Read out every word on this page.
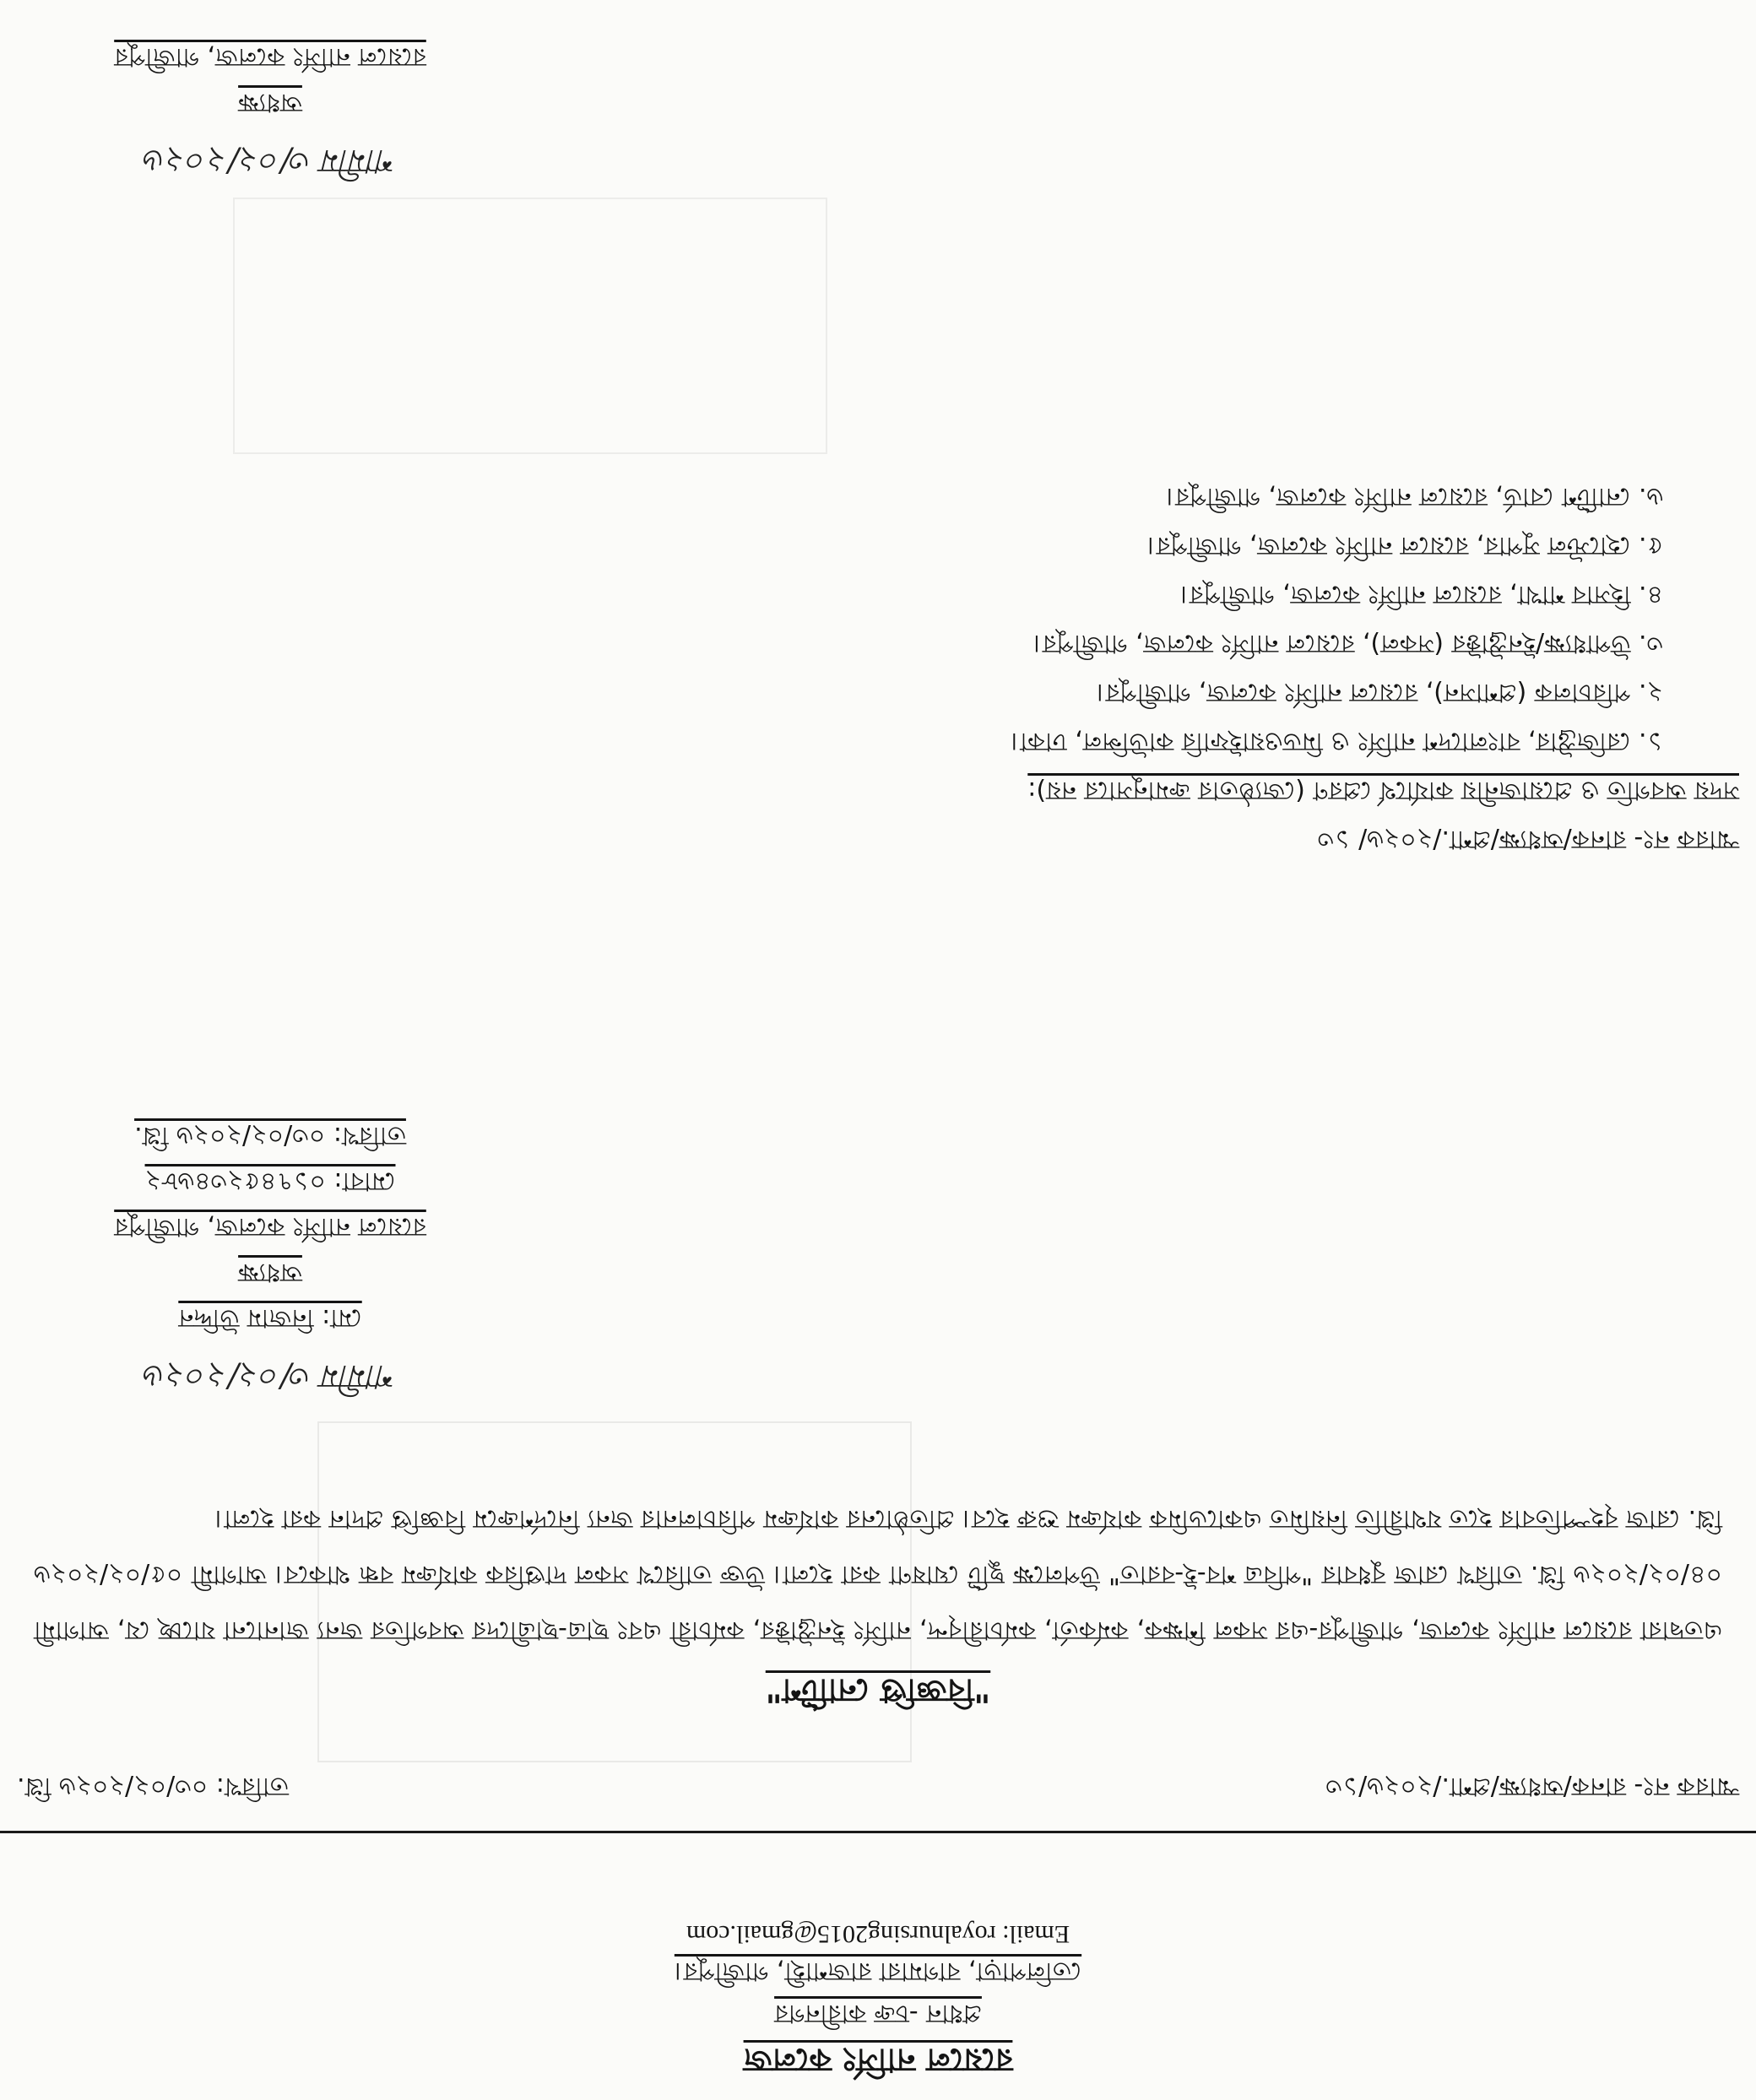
রয়েলে নার্সিং কলেজ
প্রধান -চক্র কারীনগর
তেলিপাড়া, বাগমারা রাজশাহী, গাজীপুর।
Email: royalnursing2015@gmail.com
স্মারক নং- রানক/অধ্যক্ষ/প্রশা./২০২৬/১৩
তারিখ: ০৩/০২/২০২৬ খ্রি.
"বিজ্ঞপ্তি নোটিশ"
এতদ্বারা রয়েলে নার্সিং কলেজ, গাজীপুর-এর সকল শিক্ষক, কর্মকর্তা, কর্মচারীবৃন্দ, নার্সিং ইনস্ট্রাক্টর, কর্মচারী এবং ছাত্র-ছাত্রীদের অবগতির জন্য জানানো যাচ্ছে যে, আগামী ০৪/০২/২০২৬ খ্রি. তারিখ রোজ বুধবার "পবিত্র শব-ই-বরাত" উপলক্ষে ছুটি ঘোষণা করা হলো। উক্ত তারিখে সকল দাপ্তরিক কার্যক্রম বন্ধ থাকবে। আগামী ০৫/০২/২০২৬ খ্রি. রোজ বৃহস্পতিবার হতে যথারীতি নিয়মিত একাডেমিক কার্যক্রম শুরু হবে। প্রতিষ্ঠানের কার্যক্রম পরিচালনার জন্য নির্দেশক্রমে বিজ্ঞপ্তি প্রদান করা হলো।
শামীম ৩/০২/২০২৬
মো: নিজাম উদ্দিন
অধ্যক্ষ
রয়েলে নার্সিং কলেজ, গাজীপুর
মোবা: ০১৭৪৫২৩৪৬৮২
তারিখ: ০৩/০২/২০২৬ খ্রি.
স্মারক নং- রানক/অধ্যক্ষ/প্রশা./২০২৬/ ১৩
সদয় অবগতি ও প্রয়োজনীয় কার্যার্থে প্রেরণ (জ্যেষ্ঠতার ক্রমানুসারে নয়):
১. রেজিস্ট্রার, বাংলাদেশ নার্সিং ও মিডওয়াইফারি কাউন্সিল, ঢাকা।
২. পরিচালক (প্রশাসন), রয়েলে নার্সিং কলেজ, গাজীপুর।
৩. উপাধ্যক্ষ/ইনস্ট্রাক্টর (সকল), রয়েলে নার্সিং কলেজ, গাজীপুর।
৪. হিসাব শাখা, রয়েলে নার্সিং কলেজ, গাজীপুর।
৫. হোস্টেল সুপার, রয়েলে নার্সিং কলেজ, গাজীপুর।
৬. নোটিশ বোর্ড, রয়েলে নার্সিং কলেজ, গাজীপুর।
শামীম ৩/০২/২০২৬
অধ্যক্ষ
রয়েলে নার্সিং কলেজ, গাজীপুর
